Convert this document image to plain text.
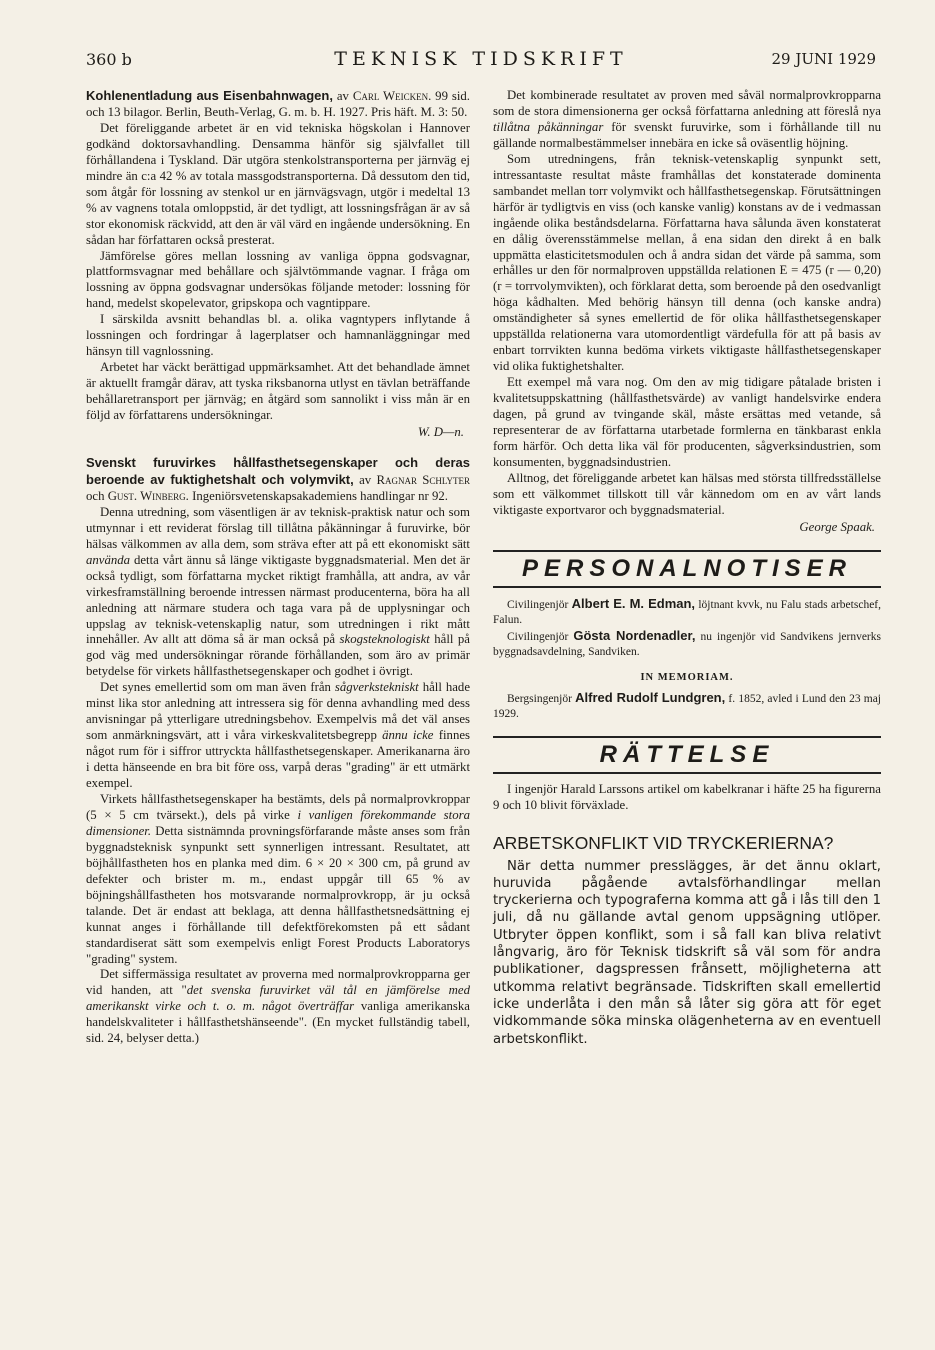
360 b	TEKNISK TIDSKRIFT	29 JUNI 1929

Kohlenentladung aus Eisenbahnwagen, av Carl Weicken. 99 sid. och 13 bilagor. Berlin, Beuth-Verlag, G. m. b. H. 1927. Pris häft. M. 3: 50.

Det föreliggande arbetet är en vid tekniska högskolan i Hannover godkänd doktorsavhandling. Densamma hänför sig självfallet till förhållandena i Tyskland. Där utgöra stenkolstransporterna per järnväg ej mindre än c:a 42 % av totala massgodstransporterna. Då dessutom den tid, som åtgår för lossning av stenkol ur en järnvägsvagn, utgör i medeltal 13 % av vagnens totala omloppstid, är det tydligt, att lossningsfrågan är av så stor ekonomisk räckvidd, att den är väl värd en ingående undersökning. En sådan har författaren också presterat.

Jämförelse göres mellan lossning av vanliga öppna godsvagnar, plattformsvagnar med behållare och självtömmande vagnar. I fråga om lossning av öppna godsvagnar undersökas följande metoder: lossning för hand, medelst skopelevator, gripskopa och vagntippare.

I särskilda avsnitt behandlas bl. a. olika vagntypers inflytande å lossningen och fordringar å lagerplatser och hamnanläggningar med hänsyn till vagnlossning.

Arbetet har väckt berättigad uppmärksamhet. Att det behandlade ämnet är aktuellt framgår därav, att tyska riksbanorna utlyst en tävlan beträffande behållaretransport per järnväg; en åtgärd som sannolikt i viss mån är en följd av författarens undersökningar.

W. D—n.

Svenskt furuvirkes hållfasthetsegenskaper och deras beroende av fuktighetshalt och volymvikt, av Ragnar Schlyter och Gust. Winberg. Ingeniörsvetenskapsakademiens handlingar nr 92.

Denna utredning, som väsentligen är av teknisk-praktisk natur och som utmynnar i ett reviderat förslag till tillåtna påkänningar å furuvirke, bör hälsas välkommen av alla dem, som sträva efter att på ett ekonomiskt sätt använda detta vårt ännu så länge viktigaste byggnadsmaterial. Men det är också tydligt, som författarna mycket riktigt framhålla, att andra, av vår virkesframställning beroende intressen närmast producenterna, böra ha all anledning att närmare studera och taga vara på de upplysningar och uppslag av teknisk-vetenskaplig natur, som utredningen i rikt mått innehåller. Av allt att döma så är man också på skogsteknologiskt håll på god väg med undersökningar rörande förhållanden, som äro av primär betydelse för virkets hållfasthetsegenskaper och godhet i övrigt.

Det synes emellertid som om man även från sågverkstekniskt håll hade minst lika stor anledning att intressera sig för denna avhandling med dess anvisningar på ytterligare utredningsbehov. Exempelvis må det väl anses som anmärkningsvärt, att i våra virkeskvalitetsbegrepp ännu icke finnes något rum för i siffror uttryckta hållfasthetsegenskaper. Amerikanarna äro i detta hänseende en bra bit före oss, varpå deras "grading" är ett utmärkt exempel.

Virkets hållfasthetsegenskaper ha bestämts, dels på normalprovkroppar (5 × 5 cm tvärsekt.), dels på virke i vanligen förekommande stora dimensioner. Detta sistnämnda provningsförfarande måste anses som från byggnadsteknisk synpunkt sett synnerligen intressant. Resultatet, att böjhållfastheten hos en planka med dim. 6 × 20 × 300 cm, på grund av defekter och brister m. m., endast uppgår till 65 % av böjningshållfastheten hos motsvarande normalprovkropp, är ju också talande. Det är endast att beklaga, att denna hållfasthetsnedsättning ej kunnat anges i förhållande till defektförekomsten på ett sådant standardiserat sätt som exempelvis enligt Forest Products Laboratorys "grading" system.

Det siffermässiga resultatet av proverna med normalprovkropparna ger vid handen, att "det svenska furuvirket väl tål en jämförelse med amerikanskt virke och t. o. m. något överträffar vanliga amerikanska handelskvaliteter i hållfasthetshänseende". (En mycket fullständig tabell, sid. 24, belyser detta.)

Det kombinerade resultatet av proven med såväl normalprovkropparna som de stora dimensionerna ger också författarna anledning att föreslå nya tillåtna påkänningar för svenskt furuvirke, som i förhållande till nu gällande normalbestämmelser innebära en icke så oväsentlig höjning.

Som utredningens, från teknisk-vetenskaplig synpunkt sett, intressantaste resultat måste framhållas det konstaterade dominenta sambandet mellan torr volymvikt och hållfasthetsegenskap. Förutsättningen härför är tydligtvis en viss (och kanske vanlig) konstans av de i vedmassan ingående olika beståndsdelarna. Författarna hava sålunda även konstaterat en dålig överensstämmelse mellan, å ena sidan den direkt å en balk uppmätta elasticitetsmodulen och å andra sidan det värde på samma, som erhålles ur den för normalproven uppställda relationen E = 475 (r — 0,20) (r = torrvolymvikten), och förklarat detta, som beroende på den osedvanligt höga kådhalten. Med behörig hänsyn till denna (och kanske andra) omständigheter så synes emellertid de för olika hållfasthetsegenskaper uppställda relationerna vara utomordentligt värdefulla för att på basis av enbart torrvikten kunna bedöma virkets viktigaste hållfasthetsegenskaper vid olika fuktighetshalter.

Ett exempel må vara nog. Om den av mig tidigare påtalade bristen i kvalitetsuppskattning (hållfasthetsvärde) av vanligt handelsvirke endera dagen, på grund av tvingande skäl, måste ersättas med vetande, så representerar de av författarna utarbetade formlerna en tänkbarast enkla form härför. Och detta lika väl för producenten, sågverksindustrien, som konsumenten, byggnadsindustrien.

Alltnog, det föreliggande arbetet kan hälsas med största tillfredsställelse som ett välkommet tillskott till vår kännedom om en av vårt lands viktigaste exportvaror och byggnadsmaterial.

George Spaak.

PERSONALNOTISER

Civilingenjör Albert E. M. Edman, löjtnant kvvk, nu Falu stads arbetschef, Falun.

Civilingenjör Gösta Nordenadler, nu ingenjör vid Sandvikens jernverks byggnadsavdelning, Sandviken.

IN MEMORIAM.

Bergsingenjör Alfred Rudolf Lundgren, f. 1852, avled i Lund den 23 maj 1929.

RÄTTELSE

I ingenjör Harald Larssons artikel om kabelkranar i häfte 25 ha figurerna 9 och 10 blivit förväxlade.

ARBETSKONFLIKT VID TRYCKERIERNA?

När detta nummer presslägges, är det ännu oklart, huruvida pågående avtalsförhandlingar mellan tryckerierna och typograferna komma att gå i lås till den 1 juli, då nu gällande avtal genom uppsägning utlöper. Utbryter öppen konflikt, som i så fall kan bliva relativt långvarig, äro för Teknisk tidskrift så väl som för andra publikationer, dagspressen frånsett, möjligheterna att utkomma relativt begränsade. Tidskriften skall emellertid icke underlåta i den mån så låter sig göra att för eget vidkommande söka minska olägenheterna av en eventuell arbetskonflikt.
